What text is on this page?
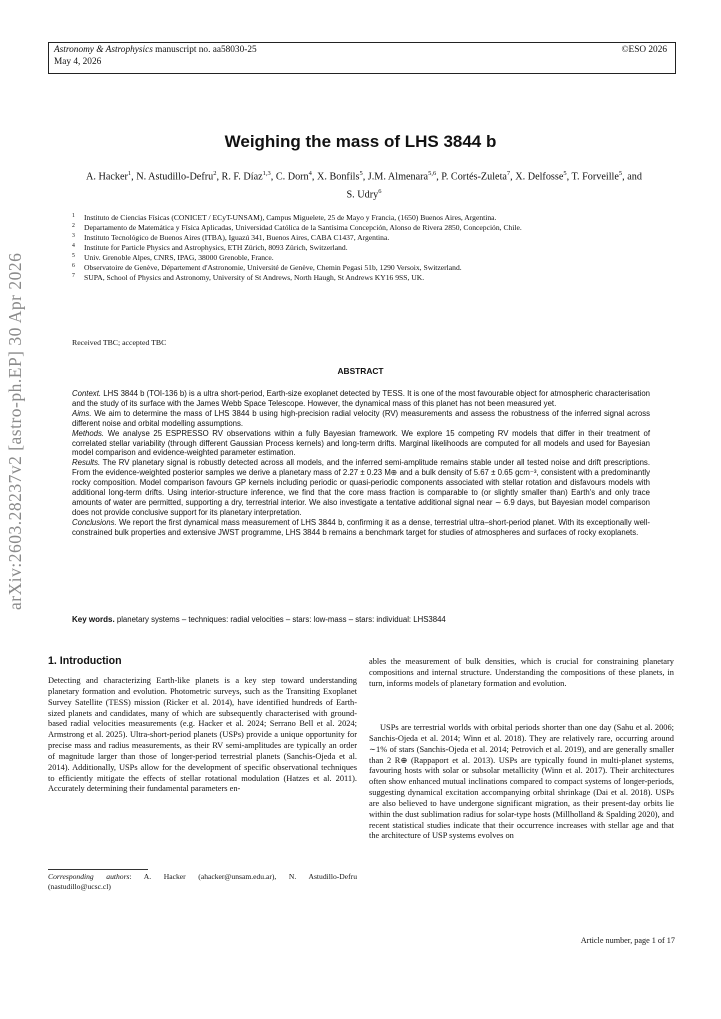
Astronomy & Astrophysics manuscript no. aa58030-25
May 4, 2026
©ESO 2026
arXiv:2603.28237v2 [astro-ph.EP] 30 Apr 2026
Weighing the mass of LHS 3844 b
A. Hacker$^1$, N. Astudillo-Defru$^2$, R. F. Díaz$^{1,3}$, C. Dorn$^4$, X. Bonfils$^5$, J.M. Almenara$^{5,6}$, P. Cortés-Zuleta$^7$, X. Delfosse$^5$, T. Forveille$^5$, and S. Udry$^6$
1 Instituto de Ciencias Físicas (CONICET / ECyT-UNSAM), Campus Miguelete, 25 de Mayo y Francia, (1650) Buenos Aires, Argentina.
2 Departamento de Matemática y Física Aplicadas, Universidad Católica de la Santísima Concepción, Alonso de Rivera 2850, Concepción, Chile.
3 Instituto Tecnológico de Buenos Aires (ITBA), Iguazú 341, Buenos Aires, CABA C1437, Argentina.
4 Institute for Particle Physics and Astrophysics, ETH Zürich, 8093 Zürich, Switzerland.
5 Univ. Grenoble Alpes, CNRS, IPAG, 38000 Grenoble, France.
6 Observatoire de Genève, Département d'Astronomie, Université de Genève, Chemin Pegasi 51b, 1290 Versoix, Switzerland.
7 SUPA, School of Physics and Astronomy, University of St Andrews, North Haugh, St Andrews KY16 9SS, UK.
Received TBC; accepted TBC
ABSTRACT

Context. LHS 3844 b (TOI-136 b) is a ultra short-period, Earth-size exoplanet detected by TESS. It is one of the most favourable object for atmospheric characterisation and the study of its surface with the James Webb Space Telescope. However, the dynamical mass of this planet has not been measured yet.

Aims. We aim to determine the mass of LHS 3844 b using high-precision radial velocity (RV) measurements and assess the robustness of the inferred signal across different noise and orbital modelling assumptions.

Methods. We analyse 25 ESPRESSO RV observations within a fully Bayesian framework. We explore 15 competing RV models that differ in their treatment of correlated stellar variability (through different Gaussian Process kernels) and long-term drifts. Marginal likelihoods are computed for all models and used for Bayesian model comparison and evidence-weighted parameter estimation.

Results. The RV planetary signal is robustly detected across all models, and the inferred semi-amplitude remains stable under all tested noise and drift prescriptions. From the evidence-weighted posterior samples we derive a planetary mass of 2.27 ± 0.23 M⊕ and a bulk density of 5.67 ± 0.65 gcm⁻³, consistent with a predominantly rocky composition. Model comparison favours GP kernels including periodic or quasi-periodic components associated with stellar rotation and disfavours models with additional long-term drifts. Using interior-structure inference, we find that the core mass fraction is comparable to (or slightly smaller than) Earth's and only trace amounts of water are permitted, supporting a dry, terrestrial interior. We also investigate a tentative additional signal near ∼ 6.9 days, but Bayesian model comparison does not provide conclusive support for its planetary interpretation.

Conclusions. We report the first dynamical mass measurement of LHS 3844 b, confirming it as a dense, terrestrial ultra–short-period planet. With its exceptionally well-constrained bulk properties and extensive JWST programme, LHS 3844 b remains a benchmark target for studies of atmospheres and surfaces of rocky exoplanets.

Key words. planetary systems – techniques: radial velocities – stars: low-mass – stars: individual: LHS3844
1. Introduction

Detecting and characterizing Earth-like planets is a key step toward understanding planetary formation and evolution. Photometric surveys, such as the Transiting Exoplanet Survey Satellite (TESS) mission (Ricker et al. 2014), have identified hundreds of Earth-sized planets and candidates, many of which are subsequently characterised with ground-based radial velocities measurements (e.g. Hacker et al. 2024; Serrano Bell et al. 2024; Armstrong et al. 2025). Ultra-short-period planets (USPs) provide a unique opportunity for precise mass and radius measurements, as their RV semi-amplitudes are typically an order of magnitude larger than those of longer-period terrestrial planets (Sanchis-Ojeda et al. 2014). Additionally, USPs allow for the development of specific observational techniques to efficiently mitigate the effects of stellar rotational modulation (Hatzes et al. 2011). Accurately determining their fundamental parameters en-

ables the measurement of bulk densities, which is crucial for constraining planetary compositions and internal structure. Understanding the compositions of these planets, in turn, informs models of planetary formation and evolution.

USPs are terrestrial worlds with orbital periods shorter than one day (Sahu et al. 2006; Sanchis-Ojeda et al. 2014; Winn et al. 2018). They are relatively rare, occurring around ∼1% of stars (Sanchis-Ojeda et al. 2014; Petrovich et al. 2019), and are generally smaller than 2 R⊕ (Rappaport et al. 2013). USPs are typically found in multi-planet systems, favouring hosts with solar or subsolar metallicity (Winn et al. 2017). Their architectures often show enhanced mutual inclinations compared to compact systems of longer-periods, suggesting dynamical excitation accompanying orbital shrinkage (Dai et al. 2018). USPs are also believed to have undergone significant migration, as their present-day orbits lie within the dust sublimation radius for solar-type hosts (Millholland & Spalding 2020), and recent statistical studies indicate that their occurrence increases with stellar age and that the architecture of USP systems evolves on

Corresponding authors: A. Hacker (ahacker@unsam.edu.ar), N. Astudillo-Defru (nastudillo@ucsc.cl)
Article number, page 1 of 17
